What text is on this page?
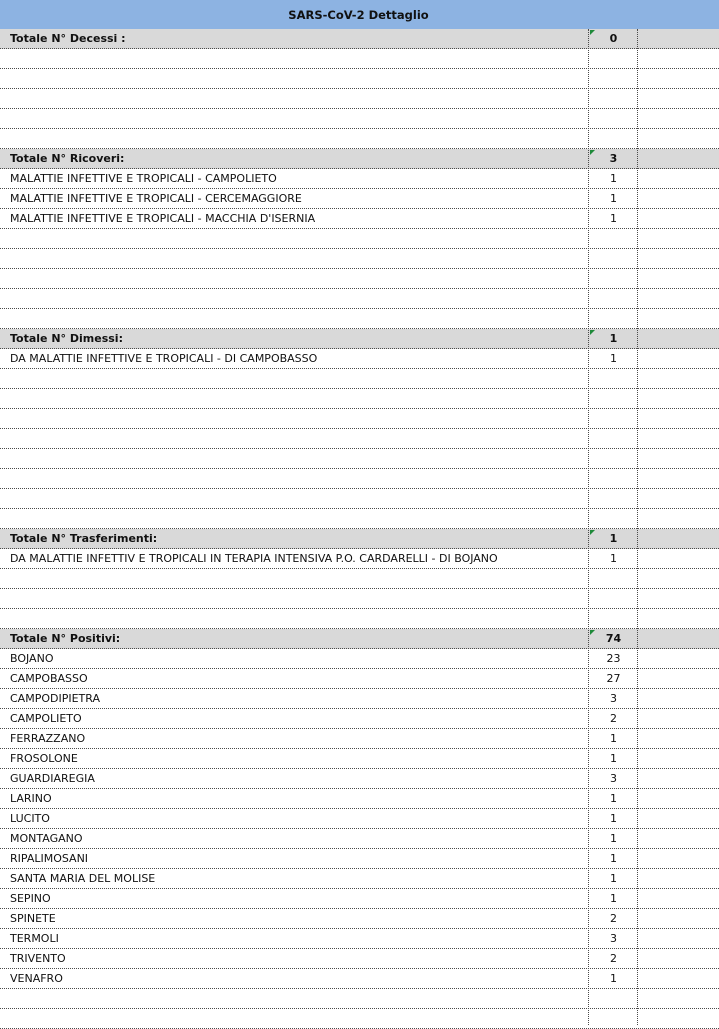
SARS-CoV-2 Dettaglio
Totale N° Decessi :	0
Totale N° Ricoveri:	3
MALATTIE INFETTIVE E TROPICALI - CAMPOLIETO	1
MALATTIE INFETTIVE E TROPICALI - CERCEMAGGIORE	1
MALATTIE INFETTIVE E TROPICALI - MACCHIA D'ISERNIA	1
Totale N° Dimessi:	1
DA MALATTIE INFETTIVE E TROPICALI - DI CAMPOBASSO	1
Totale N° Trasferimenti:	1
DA MALATTIE INFETTIV E TROPICALI IN TERAPIA INTENSIVA P.O. CARDARELLI - DI BOJANO	1
Totale N° Positivi:	74
BOJANO	23
CAMPOBASSO	27
CAMPODIPIETRA	3
CAMPOLIETO	2
FERRAZZANO	1
FROSOLONE	1
GUARDIAREGIA	3
LARINO	1
LUCITO	1
MONTAGANO	1
RIPALIMOSANI	1
SANTA MARIA DEL MOLISE	1
SEPINO	1
SPINETE	2
TERMOLI	3
TRIVENTO	2
VENAFRO	1
